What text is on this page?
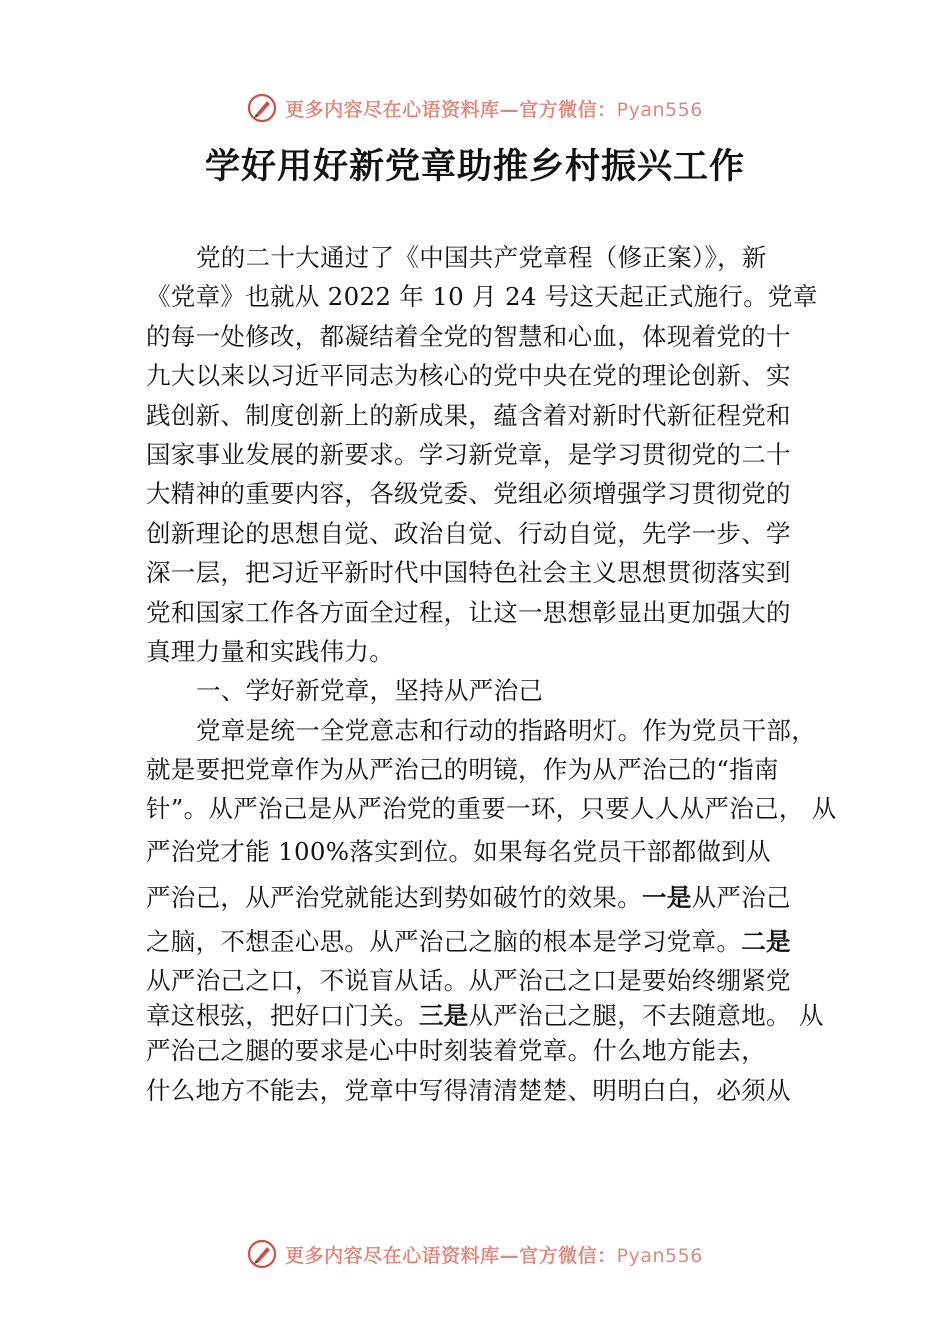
更多内容尽在心语资料库—官方微信：Pyan556
学好用好新党章助推乡村振兴工作
党的二十大通过了《中国共产党章程（修正案）》，新
《党章》也就从 2022 年 10 月 24 号这天起正式施行。党章
的每一处修改，都凝结着全党的智慧和心血，体现着党的十
九大以来以习近平同志为核心的党中央在党的理论创新、实
践创新、制度创新上的新成果，蕴含着对新时代新征程党和
国家事业发展的新要求。学习新党章，是学习贯彻党的二十
大精神的重要内容，各级党委、党组必须增强学习贯彻党的
创新理论的思想自觉、政治自觉、行动自觉，先学一步、学
深一层，把习近平新时代中国特色社会主义思想贯彻落实到
党和国家工作各方面全过程，让这一思想彰显出更加强大的
真理力量和实践伟力。
一、学好新党章，坚持从严治己
党章是统一全党意志和行动的指路明灯。作为党员干部，
就是要把党章作为从严治己的明镜，作为从严治己的“指南
针”。从严治己是从严治党的重要一环，只要人人从严治己， 从
严治党才能 100%落实到位。如果每名党员干部都做到从
严治己，从严治党就能达到势如破竹的效果。一是从严治己
之脑，不想歪心思。从严治己之脑的根本是学习党章。二是
从严治己之口，不说盲从话。从严治己之口是要始终绷紧党
章这根弦，把好口门关。三是从严治己之腿，不去随意地。 从
严治己之腿的要求是心中时刻装着党章。什么地方能去，
什么地方不能去，党章中写得清清楚楚、明明白白，必须从
更多内容尽在心语资料库—官方微信：Pyan556
